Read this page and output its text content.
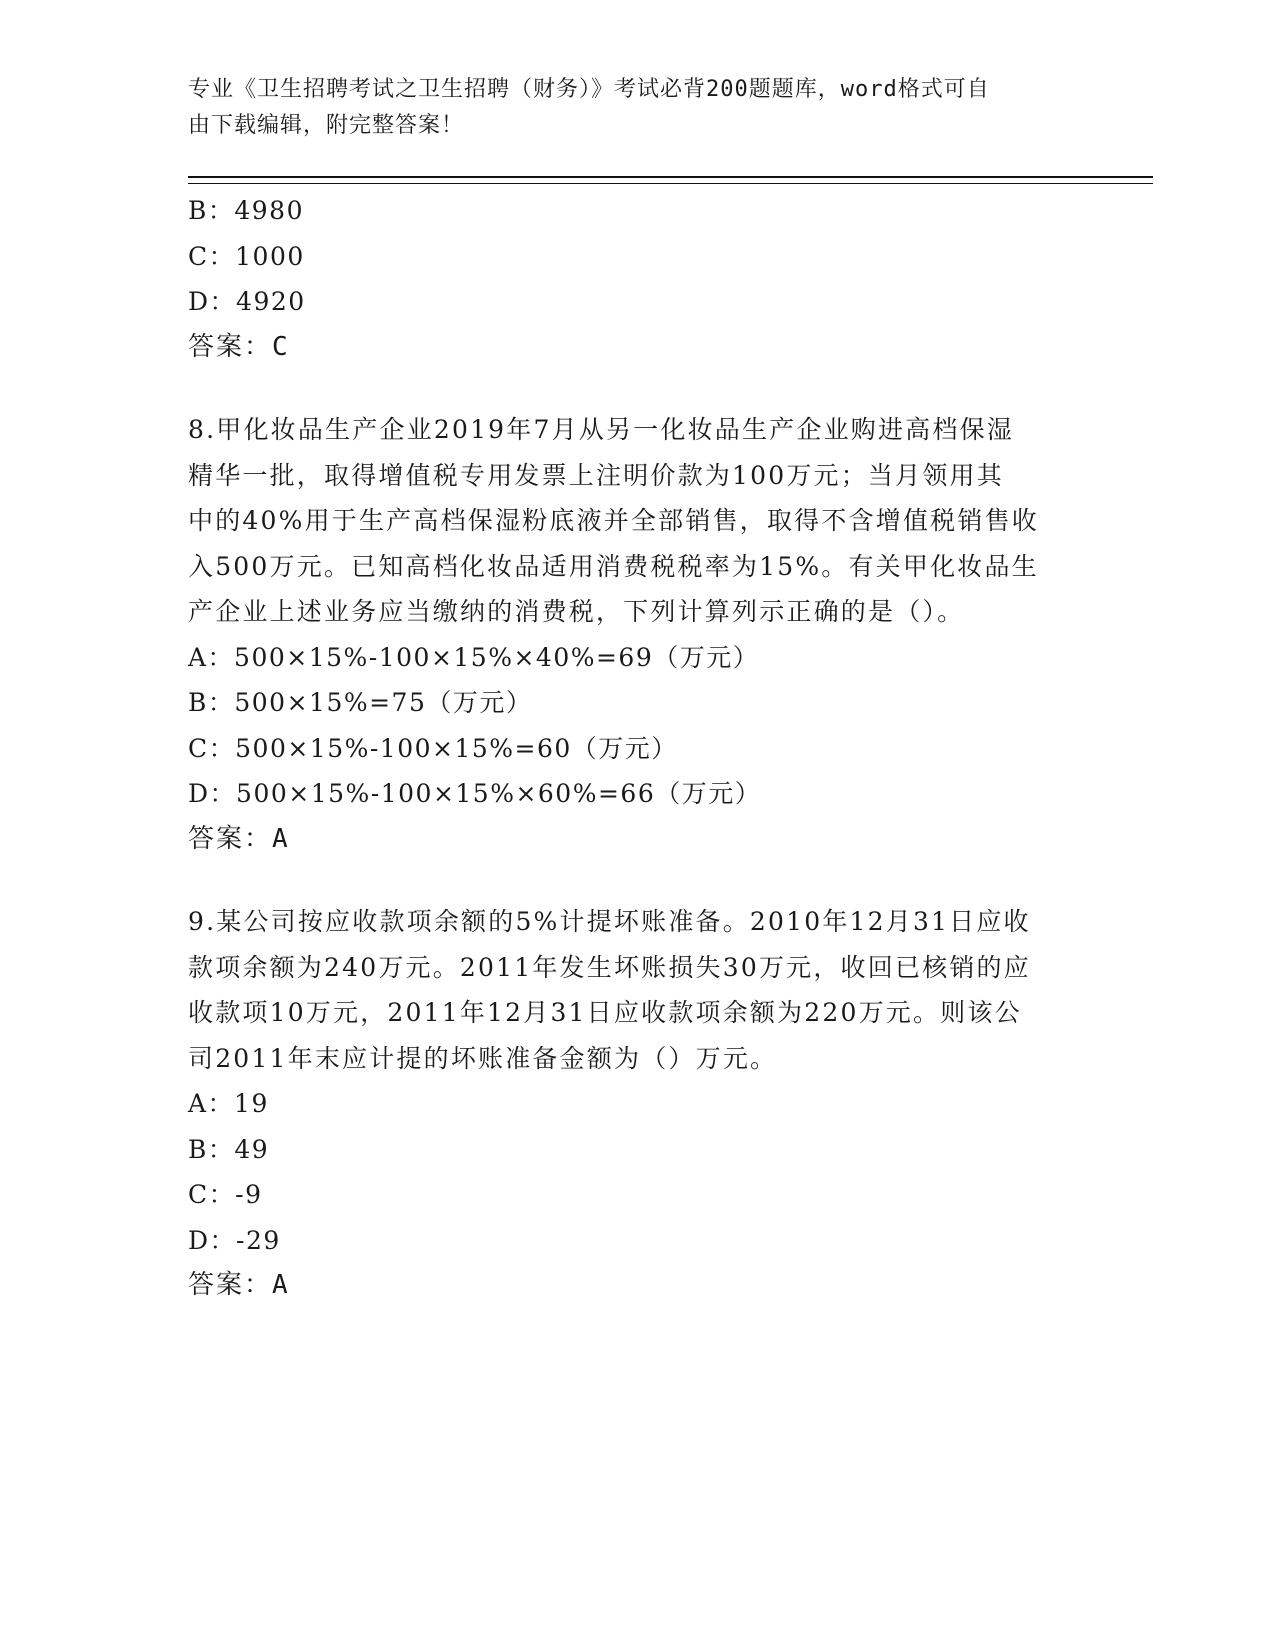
专业《卫生招聘考试之卫生招聘（财务）》考试必背200题题库，word格式可自
由下载编辑，附完整答案！
B：4980
C：1000
D：4920
答案：C
8.甲化妆品生产企业2019年7月从另一化妆品生产企业购进高档保湿
精华一批，取得增值税专用发票上注明价款为100万元；当月领用其
中的40%用于生产高档保湿粉底液并全部销售，取得不含增值税销售收
入500万元。已知高档化妆品适用消费税税率为15%。有关甲化妆品生
产企业上述业务应当缴纳的消费税，下列计算列示正确的是（）。
A：500×15%-100×15%×40%=69（万元）
B：500×15%=75（万元）
C：500×15%-100×15%=60（万元）
D：500×15%-100×15%×60%=66（万元）
答案：A
9.某公司按应收款项余额的5%计提坏账准备。2010年12月31日应收
款项余额为240万元。2011年发生坏账损失30万元，收回已核销的应
收款项10万元，2011年12月31日应收款项余额为220万元。则该公
司2011年末应计提的坏账准备金额为（）万元。
A：19
B：49
C：-9
D：-29
答案：A
